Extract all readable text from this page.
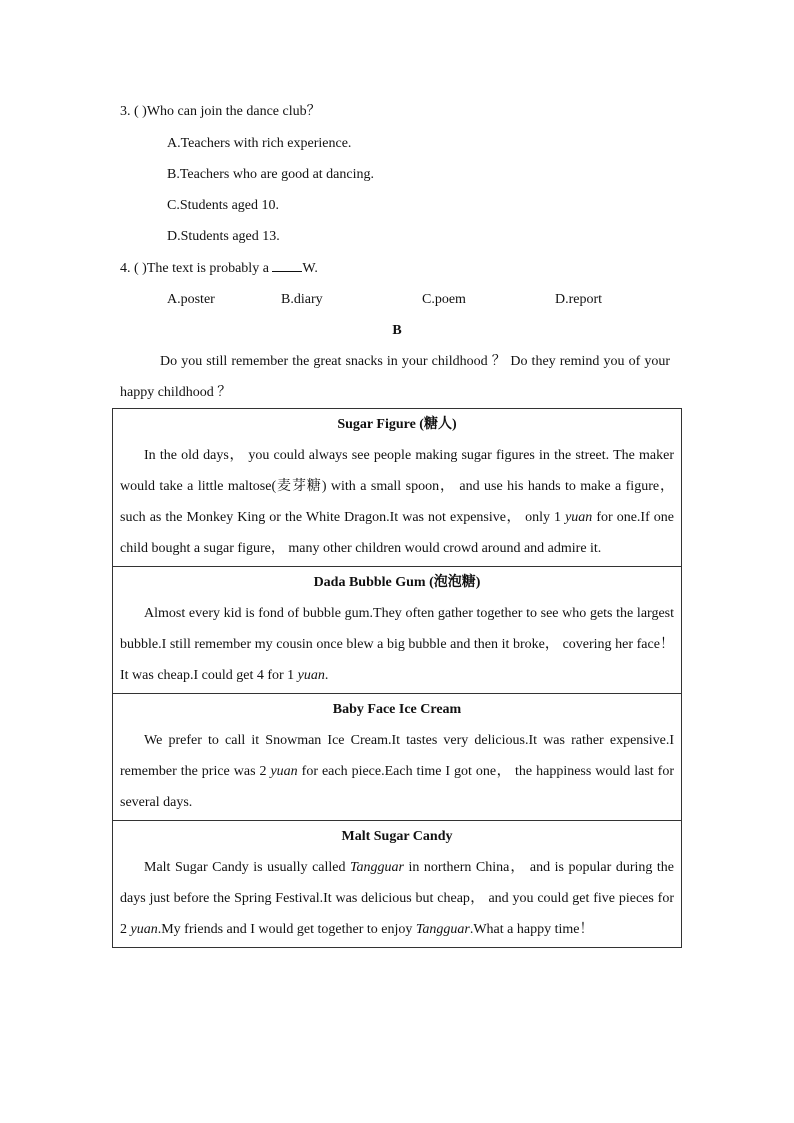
3. ( )Who can join the dance club？
A.Teachers with rich experience.
B.Teachers who are good at dancing.
C.Students aged 10.
D.Students aged 13.
4. ( )The text is probably a W.
A.poster	B.diary	C.poem	D.report
B
Do you still remember the great snacks in your childhood ？ Do they remind you of your happy childhood ？
Sugar Figure (糖人)
In the old days， you could always see people making sugar figures in the street. The maker would take a little maltose(麦芽糖) with a small spoon， and use his hands to make a figure， such as the Monkey King or the White Dragon.It was not expensive， only 1 yuan for one.If one child bought a sugar figure， many other children would crowd around and admire it.

Dada Bubble Gum (泡泡糖)
Almost every kid is fond of bubble gum.They often gather together to see who gets the largest bubble.I still remember my cousin once blew a big bubble and then it broke， covering her face！ It was cheap.I could get 4 for 1 yuan.

Baby Face Ice Cream
We prefer to call it Snowman Ice Cream.It tastes very delicious.It was rather expensive.I remember the price was 2 yuan for each piece.Each time I got one， the happiness would last for several days.

Malt Sugar Candy
Malt Sugar Candy is usually called Tangguar in northern China， and is popular during the days just before the Spring Festival.It was delicious but cheap， and you could get five pieces for 2 yuan.My friends and I would get together to enjoy Tangguar.What a happy time！
